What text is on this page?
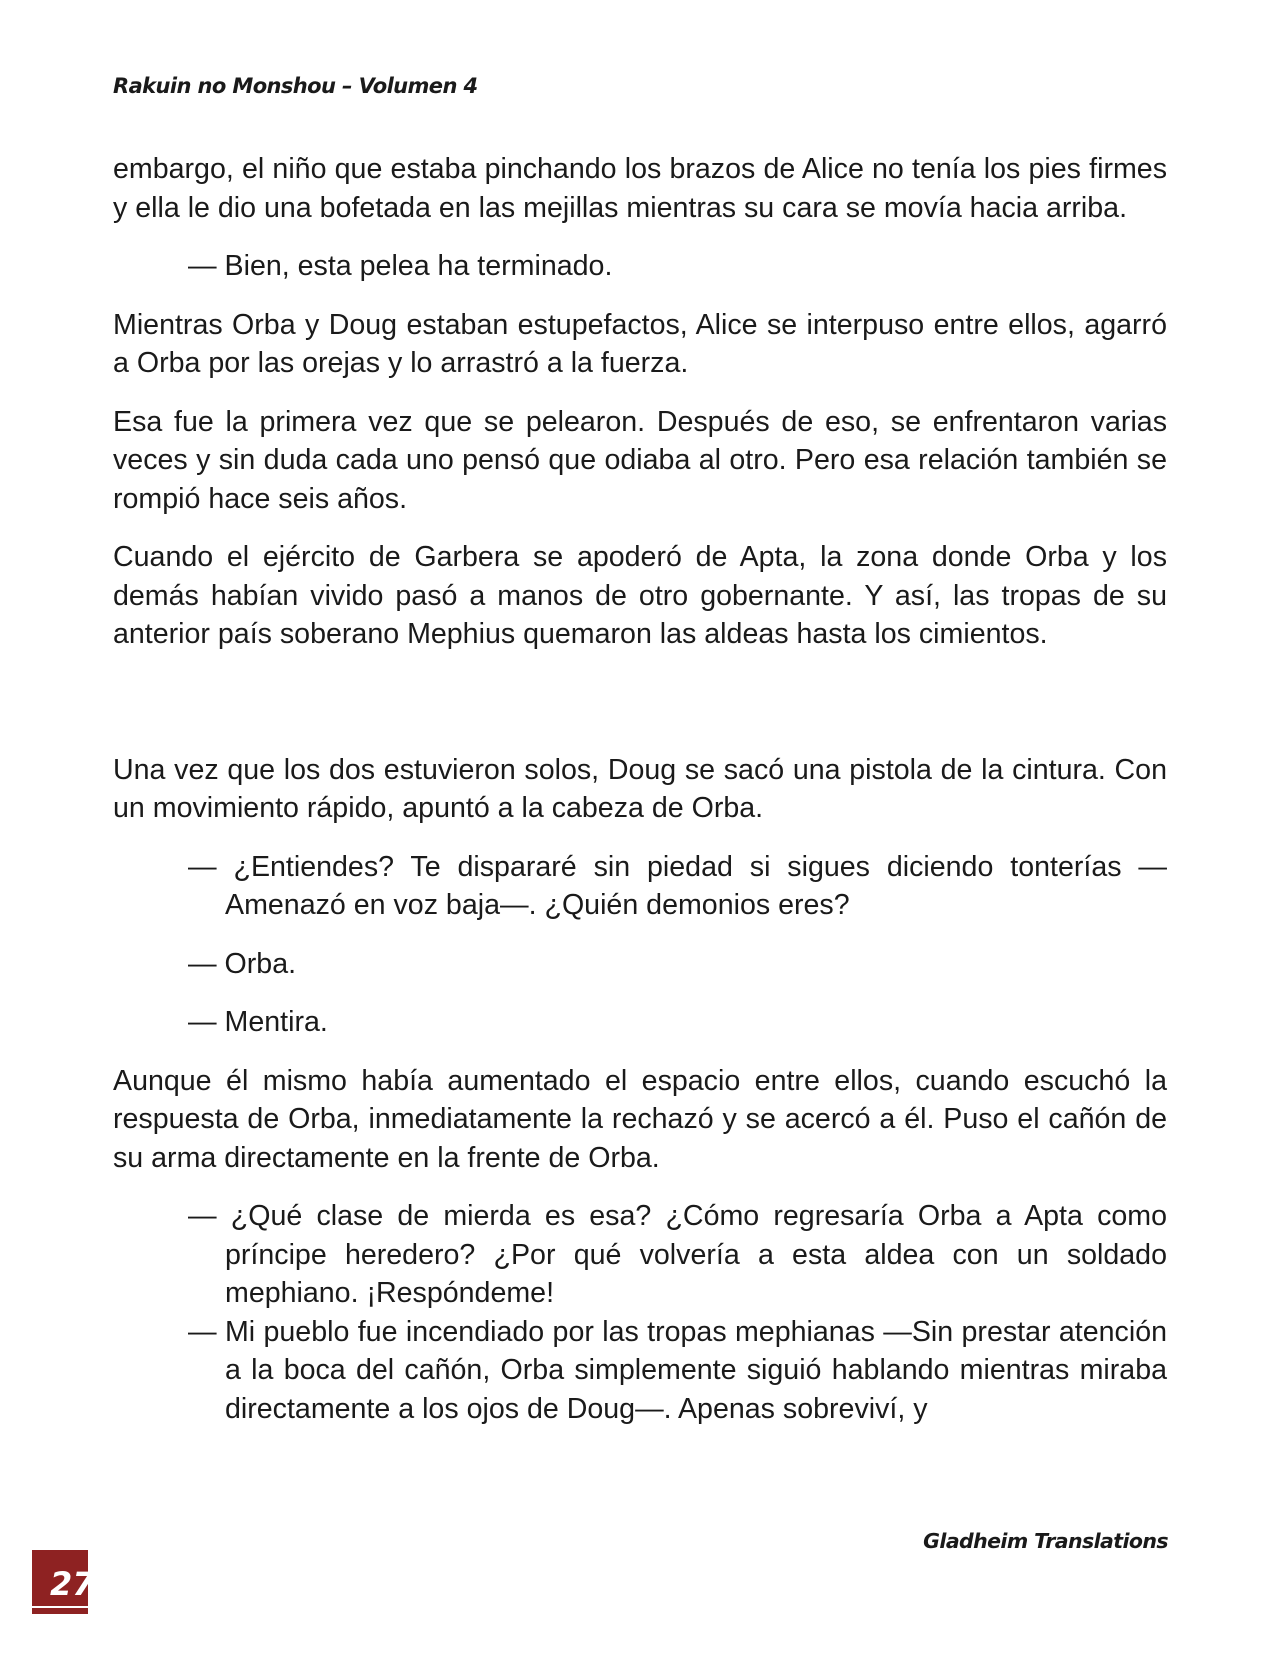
Rakuin no Monshou – Volumen 4

embargo, el niño que estaba pinchando los brazos de Alice no tenía los pies firmes y ella le dio una bofetada en las mejillas mientras su cara se movía hacia arriba.

— Bien, esta pelea ha terminado.

Mientras Orba y Doug estaban estupefactos, Alice se interpuso entre ellos, agarró a Orba por las orejas y lo arrastró a la fuerza.

Esa fue la primera vez que se pelearon. Después de eso, se enfrentaron varias veces y sin duda cada uno pensó que odiaba al otro. Pero esa relación también se rompió hace seis años.

Cuando el ejército de Garbera se apoderó de Apta, la zona donde Orba y los demás habían vivido pasó a manos de otro gobernante. Y así, las tropas de su anterior país soberano Mephius quemaron las aldeas hasta los cimientos.

Una vez que los dos estuvieron solos, Doug se sacó una pistola de la cintura. Con un movimiento rápido, apuntó a la cabeza de Orba.

— ¿Entiendes? Te dispararé sin piedad si sigues diciendo tonterías — Amenazó en voz baja—. ¿Quién demonios eres?

— Orba.

— Mentira.

Aunque él mismo había aumentado el espacio entre ellos, cuando escuchó la respuesta de Orba, inmediatamente la rechazó y se acercó a él. Puso el cañón de su arma directamente en la frente de Orba.

— ¿Qué clase de mierda es esa? ¿Cómo regresaría Orba a Apta como príncipe heredero? ¿Por qué volvería a esta aldea con un soldado mephiano. ¡Respóndeme!

— Mi pueblo fue incendiado por las tropas mephianas —Sin prestar atención a la boca del cañón, Orba simplemente siguió hablando mientras miraba directamente a los ojos de Doug—. Apenas sobreviví, y

Gladheim Translations
27
